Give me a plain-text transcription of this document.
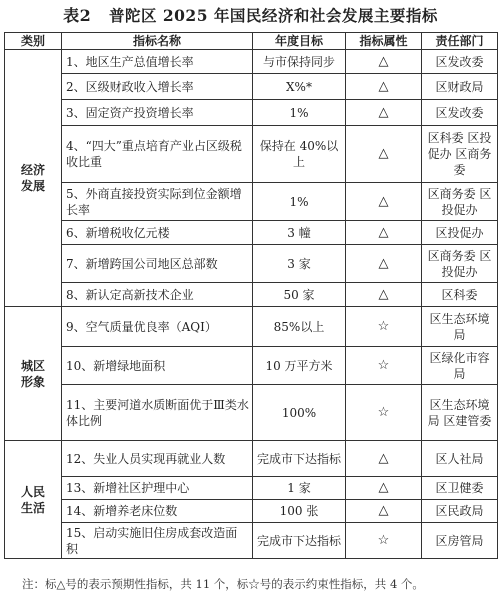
表2 普陀区 2025 年国民经济和社会发展主要指标
类别	指标名称	年度目标	指标属性	责任部门
经济发展	1、地区生产总值增长率	与市保持同步	△	区发改委
	2、区级财政收入增长率	X%*	△	区财政局
	3、固定资产投资增长率	1%	△	区发改委
	4、“四大”重点培育产业占区级税收比重	保持在 40%以上	△	区科委 区投促办 区商务委
	5、外商直接投资实际到位金额增长率	1%	△	区商务委 区投促办
	6、新增税收亿元楼	3 幢	△	区投促办
	7、新增跨国公司地区总部数	3 家	△	区商务委 区投促办
	8、新认定高新技术企业	50 家	△	区科委
城区形象	9、空气质量优良率（AQI）	85%以上	☆	区生态环境局
	10、新增绿地面积	10 万平方米	☆	区绿化市容局
	11、主要河道水质断面优于Ⅲ类水体比例	100%	☆	区生态环境局 区建管委
人民生活	12、失业人员实现再就业人数	完成市下达指标	△	区人社局
	13、新增社区护理中心	1 家	△	区卫健委
	14、新增养老床位数	100 张	△	区民政局
	15、启动实施旧住房成套改造面积	完成市下达指标	☆	区房管局
注：标△号的表示预期性指标，共 11 个，标☆号的表示约束性指标，共 4 个。
